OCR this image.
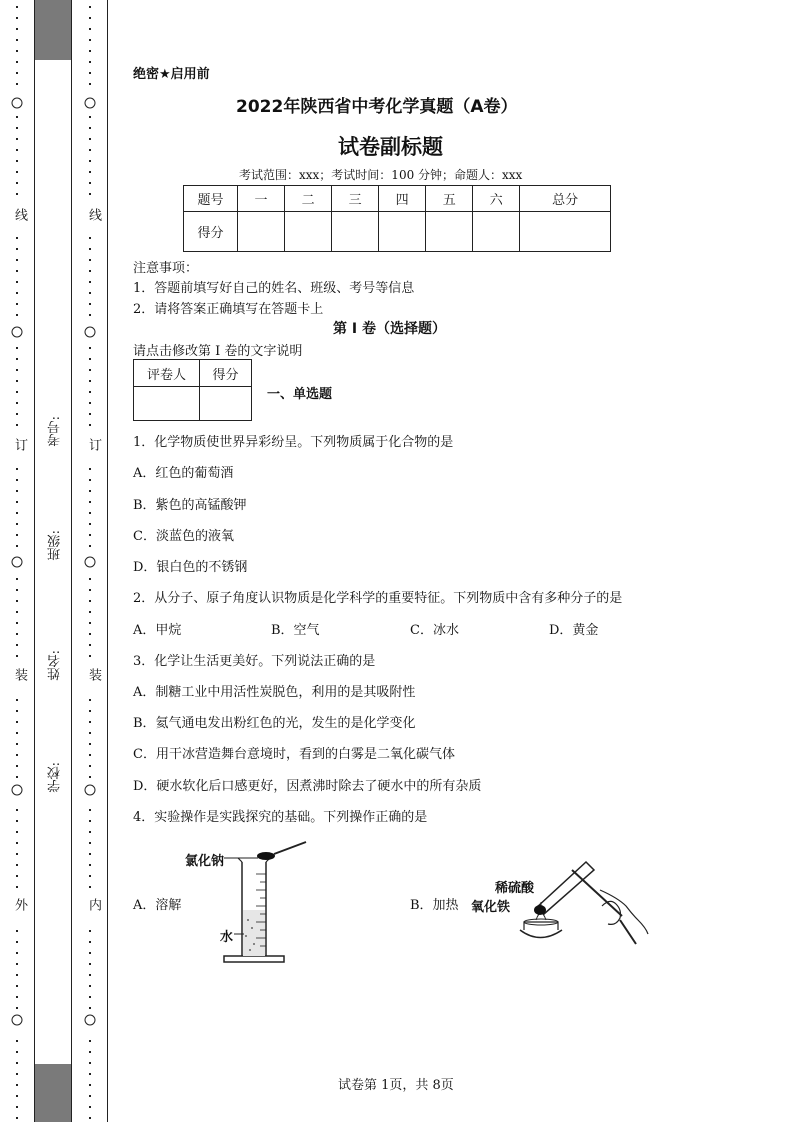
线
订
装
外
线
订
装
内
考号:
班级:
姓名:
学校:
绝密★启用前
2022年陕西省中考化学真题（A卷）
试卷副标题
考试范围：xxx；考试时间：100 分钟；命题人：xxx
题号	一	二	三	四	五	六	总分
得分							
注意事项：
1．答题前填写好自己的姓名、班级、考号等信息
2．请将答案正确填写在答题卡上
第 I 卷（选择题）
请点击修改第 I 卷的文字说明
评卷人	得分

一、单选题
1．化学物质使世界异彩纷呈。下列物质属于化合物的是
A．红色的葡萄酒
B．紫色的高锰酸钾
C．淡蓝色的液氧
D．银白色的不锈钢
2．从分子、原子角度认识物质是化学科学的重要特征。下列物质中含有多种分子的是
A．甲烷	B．空气	C．冰水	D．黄金
3．化学让生活更美好。下列说法正确的是
A．制糖工业中用活性炭脱色，利用的是其吸附性
B．氦气通电发出粉红色的光，发生的是化学变化
C．用干冰营造舞台意境时，看到的白雾是二氧化碳气体
D．硬水软化后口感更好，因煮沸时除去了硬水中的所有杂质
4．实验操作是实践探究的基础。下列操作正确的是
A．溶解	B．加热
氯化钠
水
稀硫酸
氧化铁
试卷第 1页，共 8页
